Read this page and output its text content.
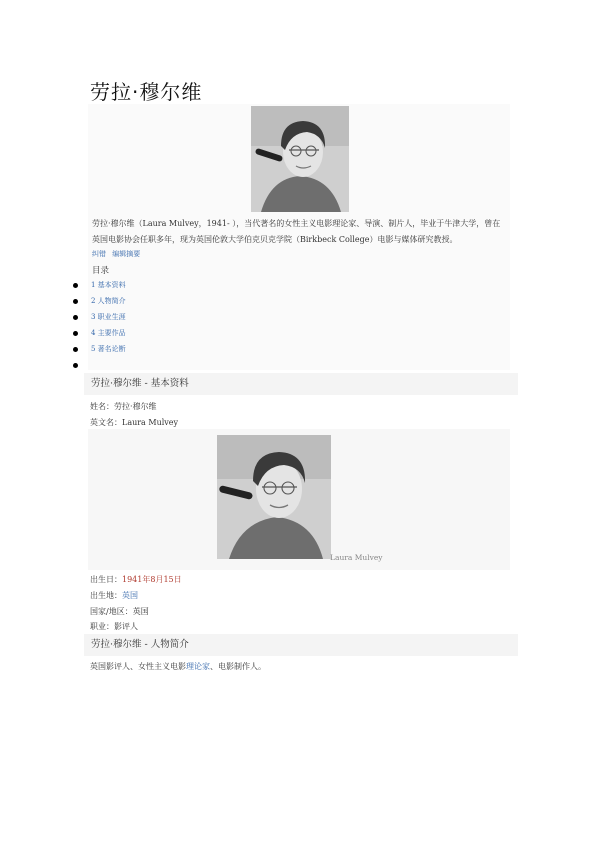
劳拉·穆尔维
劳拉·穆尔维（Laura Mulvey，1941- ），当代著名的女性主义电影理论家、导演、制片人，毕业于牛津大学，曾在英国电影协会任职多年，现为英国伦敦大学伯克贝克学院（Birkbeck College）电影与媒体研究教授。
纠错 编辑摘要
目录
1 基本资料
2 人物简介
3 职业生涯
4 主要作品
5 著名论断
劳拉·穆尔维 - 基本资料
姓名：劳拉·穆尔维
英文名：Laura Mulvey
Laura Mulvey
出生日：1941年8月15日
出生地：英国
国家/地区：英国
职业：影评人
劳拉·穆尔维 - 人物简介
英国影评人、女性主义电影理论家、电影制作人。
